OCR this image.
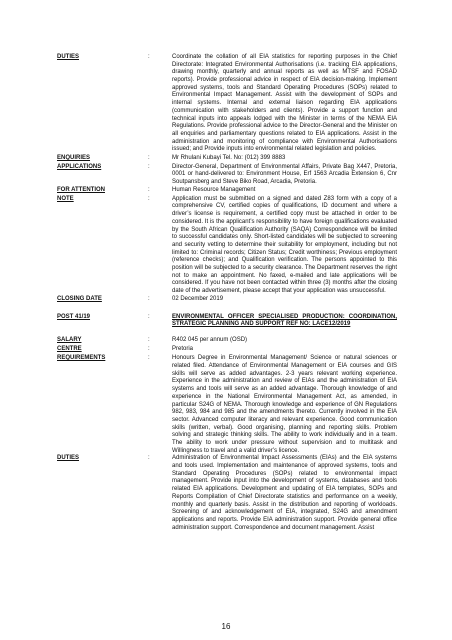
DUTIES	:	Coordinate the collation of all EIA statistics for reporting purposes in the Chief Directorate: Integrated Environmental Authorisations (i.e. tracking EIA applications, drawing monthly, quarterly and annual reports as well as MTSF and FOSAD reports). Provide professional advice in respect of EIA decision-making. Implement approved systems, tools and Standard Operating Procedures (SOPs) related to Environmental Impact Management. Assist with the development of SOPs and internal systems. Internal and external liaison regarding EIA applications (communication with stakeholders and clients). Provide a support function and technical inputs into appeals lodged with the Minister in terms of the NEMA EIA Regulations. Provide professional advice to the Director-General and the Minister on all enquiries and parliamentary questions related to EIA applications. Assist in the administration and monitoring of compliance with Environmental Authorisations issued; and Provide inputs into environmental related legislation and policies.

ENQUIRIES	:	Mr Rhulani Kubayi Tel. No: (012) 399 8883

APPLICATIONS	:	Director-General, Department of Environmental Affairs, Private Bag X447, Pretoria, 0001 or hand-delivered to: Environment House, Erf 1563 Arcadia Extension 6, Cnr Soutpansberg and Steve Biko Road, Arcadia, Pretoria.

FOR ATTENTION	:	Human Resource Management

NOTE	:	Application must be submitted on a signed and dated Z83 form with a copy of a comprehensive CV, certified copies of qualifications, ID document and where a driver’s license is requirement, a certified copy must be attached in order to be considered. It is the applicant’s responsibility to have foreign qualifications evaluated by the South African Qualification Authority (SAQA) Correspondence will be limited to successful candidates only. Short-listed candidates will be subjected to screening and security vetting to determine their suitability for employment, including but not limited to: Criminal records; Citizen Status; Credit worthiness; Previous employment (reference checks); and Qualification verification. The persons appointed to this position will be subjected to a security clearance. The Department reserves the right not to make an appointment. No faxed, e-mailed and late applications will be considered. If you have not been contacted within three (3) months after the closing date of the advertisement, please accept that your application was unsuccessful.

CLOSING DATE	:	02 December 2019

POST 41/19	:	ENVIRONMENTAL OFFICER SPECIALISED PRODUCTION: COORDINATION, STRATEGIC PLANNING AND SUPPORT REF NO: LACE12/2019

SALARY	:	R402 045 per annum (OSD)

CENTRE	:	Pretoria

REQUIREMENTS	:	Honours Degree in Environmental Management/ Science or natural sciences or related filed. Attendance of Environmental Management or EIA courses and GIS skills will serve as added advantages. 2-3 years relevant working experience. Experience in the administration and review of EIAs and the administration of EIA systems and tools will serve as an added advantage. Thorough knowledge of and experience in the National Environmental Management Act, as amended, in particular S24G of NEMA. Thorough knowledge and experience of GN Regulations 982, 983, 984 and 985 and the amendments thereto. Currently involved in the EIA sector. Advanced computer literacy and relevant experience. Good communication skills (written, verbal). Good organising, planning and reporting skills. Problem solving and strategic thinking skills. The ability to work individually and in a team. The ability to work under pressure without supervision and to multitask and Willingness to travel and a valid driver’s licence.

DUTIES	:	Administration of Environmental Impact Assessments (EIAs) and the EIA systems and tools used. Implementation and maintenance of approved systems, tools and Standard Operating Procedures (SOPs) related to environmental impact management. Provide input into the development of systems, databases and tools related EIA applications. Development and updating of EIA templates, SOPs and Reports Compilation of Chief Directorate statistics and performance on a weekly, monthly and quarterly basis. Assist in the distribution and reporting of workloads. Screening of and acknowledgement of EIA, integrated, S24G and amendment applications and reports. Provide EIA administration support. Provide general office administration support. Correspondence and document management. Assist

16
